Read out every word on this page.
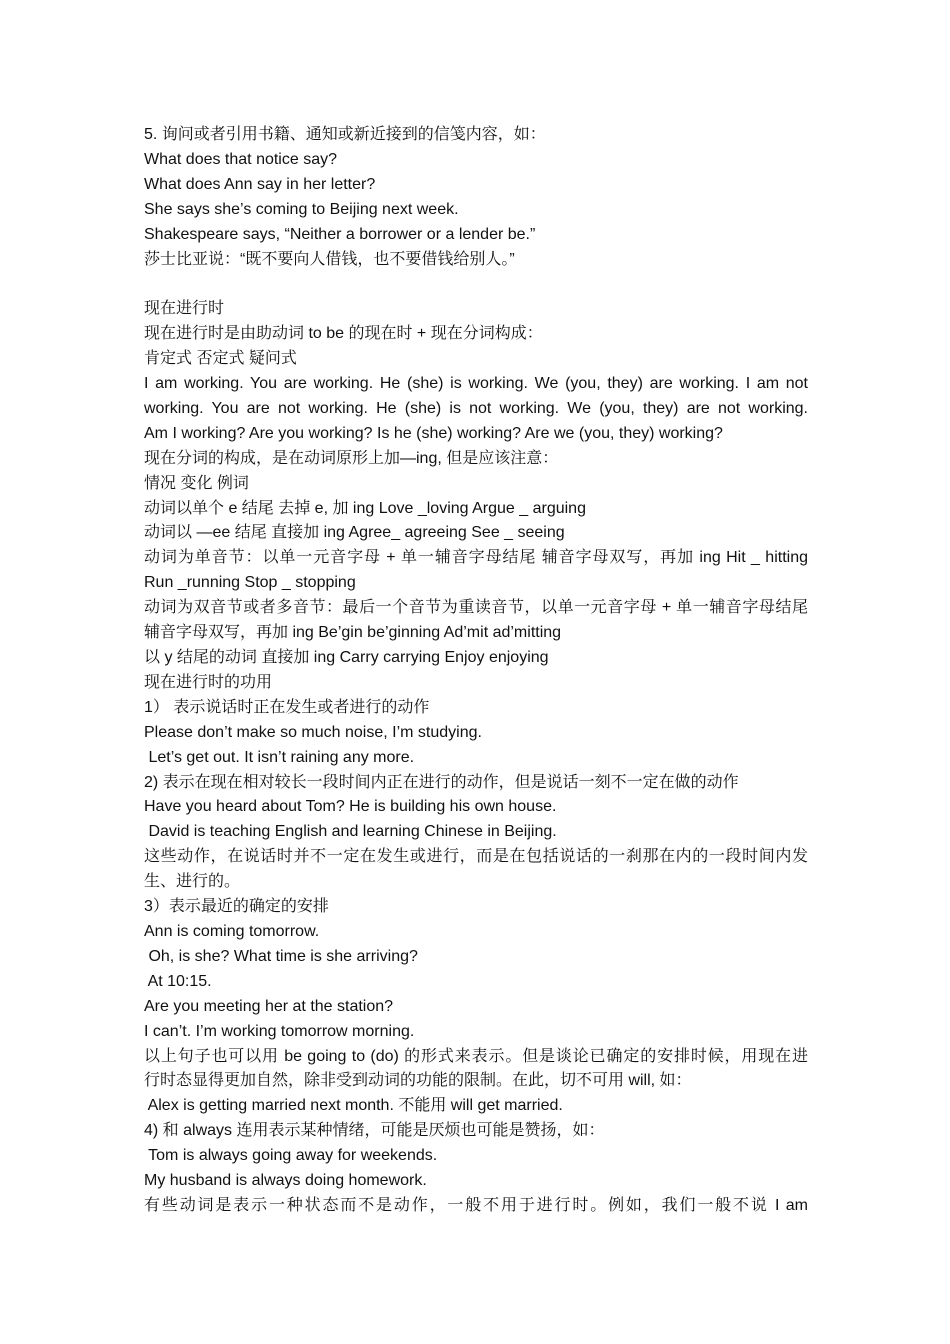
5. 询问或者引用书籍、通知或新近接到的信笺内容，如：

What does that notice say?

What does Ann say in her letter?

She says she’s coming to Beijing next week.

Shakespeare says, “Neither a borrower or a lender be.”

莎士比亚说：“既不要向人借钱，也不要借钱给别人。”

现在进行时

现在进行时是由助动词 to be 的现在时 + 现在分词构成：

肯定式 否定式 疑问式

I am working. You are working. He (she) is working. We (you, they) are working. I am not

working. You are not working. He (she) is not working. We (you, they) are not working.

Am I working? Are you working? Is he (she) working? Are we (you, they) working?

现在分词的构成，是在动词原形上加—ing, 但是应该注意：

情况 变化 例词

动词以单个 e 结尾 去掉 e, 加 ing Love _loving Argue _ arguing

动词以 —ee 结尾 直接加 ing Agree_ agreeing See _ seeing

动词为单音节：以单一元音字母 + 单一辅音字母结尾 辅音字母双写，再加 ing Hit _ hitting

Run _running Stop _ stopping

动词为双音节或者多音节：最后一个音节为重读音节，以单一元音字母 + 单一辅音字母结尾

辅音字母双写，再加 ing Be’gin be’ginning Ad’mit ad’mitting

以 y 结尾的动词 直接加 ing Carry carrying Enjoy enjoying

现在进行时的功用

1） 表示说话时正在发生或者进行的动作

Please don’t make so much noise, I’m studying.

Let’s get out. It isn’t raining any more.

2) 表示在现在相对较长一段时间内正在进行的动作，但是说话一刻不一定在做的动作

Have you heard about Tom? He is building his own house.

David is teaching English and learning Chinese in Beijing.

这些动作，在说话时并不一定在发生或进行，而是在包括说话的一刹那在内的一段时间内发

生、进行的。

3）表示最近的确定的安排

Ann is coming tomorrow.

Oh, is she? What time is she arriving?

At 10:15.

Are you meeting her at the station?

I can’t. I’m working tomorrow morning.

以上句子也可以用 be going to (do) 的形式来表示。但是谈论已确定的安排时候，用现在进

行时态显得更加自然，除非受到动词的功能的限制。在此，切不可用 will, 如：

Alex is getting married next month. 不能用 will get married.

4) 和 always 连用表示某种情绪，可能是厌烦也可能是赞扬，如：

Tom is always going away for weekends.

My husband is always doing homework.

有些动词是表示一种状态而不是动作，一般不用于进行时。例如，我们一般不说 I am
